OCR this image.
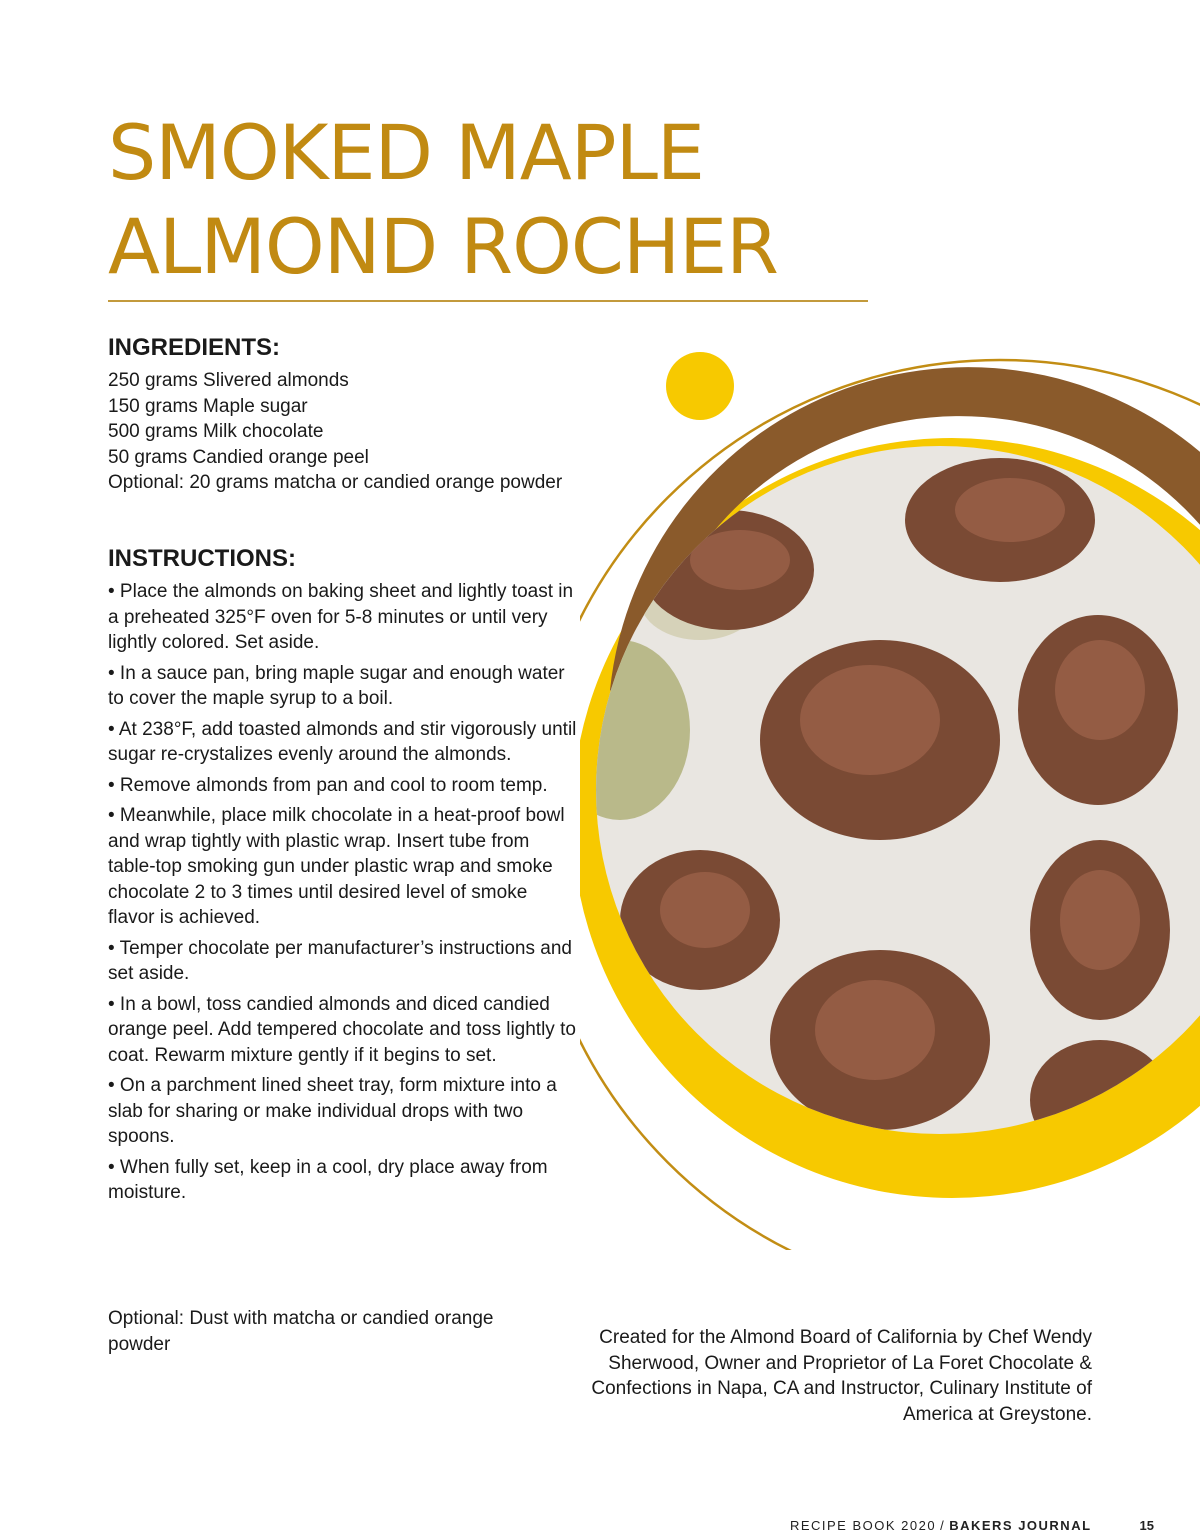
SMOKED MAPLE
ALMOND ROCHER
INGREDIENTS:
250 grams Slivered almonds
150 grams Maple sugar
500 grams Milk chocolate
50 grams Candied orange peel
Optional: 20 grams matcha or candied orange powder
INSTRUCTIONS:
• Place the almonds on baking sheet and lightly toast in a preheated 325°F oven for 5-8 minutes or until very lightly colored. Set aside.
• In a sauce pan, bring maple sugar and enough water to cover the maple syrup to a boil.
• At 238°F, add toasted almonds and stir vigorously until sugar re-crystalizes evenly around the almonds.
• Remove almonds from pan and cool to room temp.
• Meanwhile, place milk chocolate in a heat-proof bowl and wrap tightly with plastic wrap. Insert tube from table-top smoking gun under plastic wrap and smoke chocolate 2 to 3 times until desired level of smoke flavor is achieved.
• Temper chocolate per manufacturer’s instructions and set aside.
• In a bowl, toss candied almonds and diced candied orange peel. Add tempered chocolate and toss lightly to coat. Rewarm mixture gently if it begins to set.
• On a parchment lined sheet tray, form mixture into a slab for sharing or make individual drops with two spoons.
• When fully set, keep in a cool, dry place away from moisture.

Optional: Dust with matcha or candied orange powder	Created for the Almond Board of California by Chef Wendy Sherwood, Owner and Proprietor of La Foret Chocolate & Confections in Napa, CA and Instructor, Culinary Institute of America at Greystone.

RECIPE BOOK 2020 / BAKERS JOURNAL	15
